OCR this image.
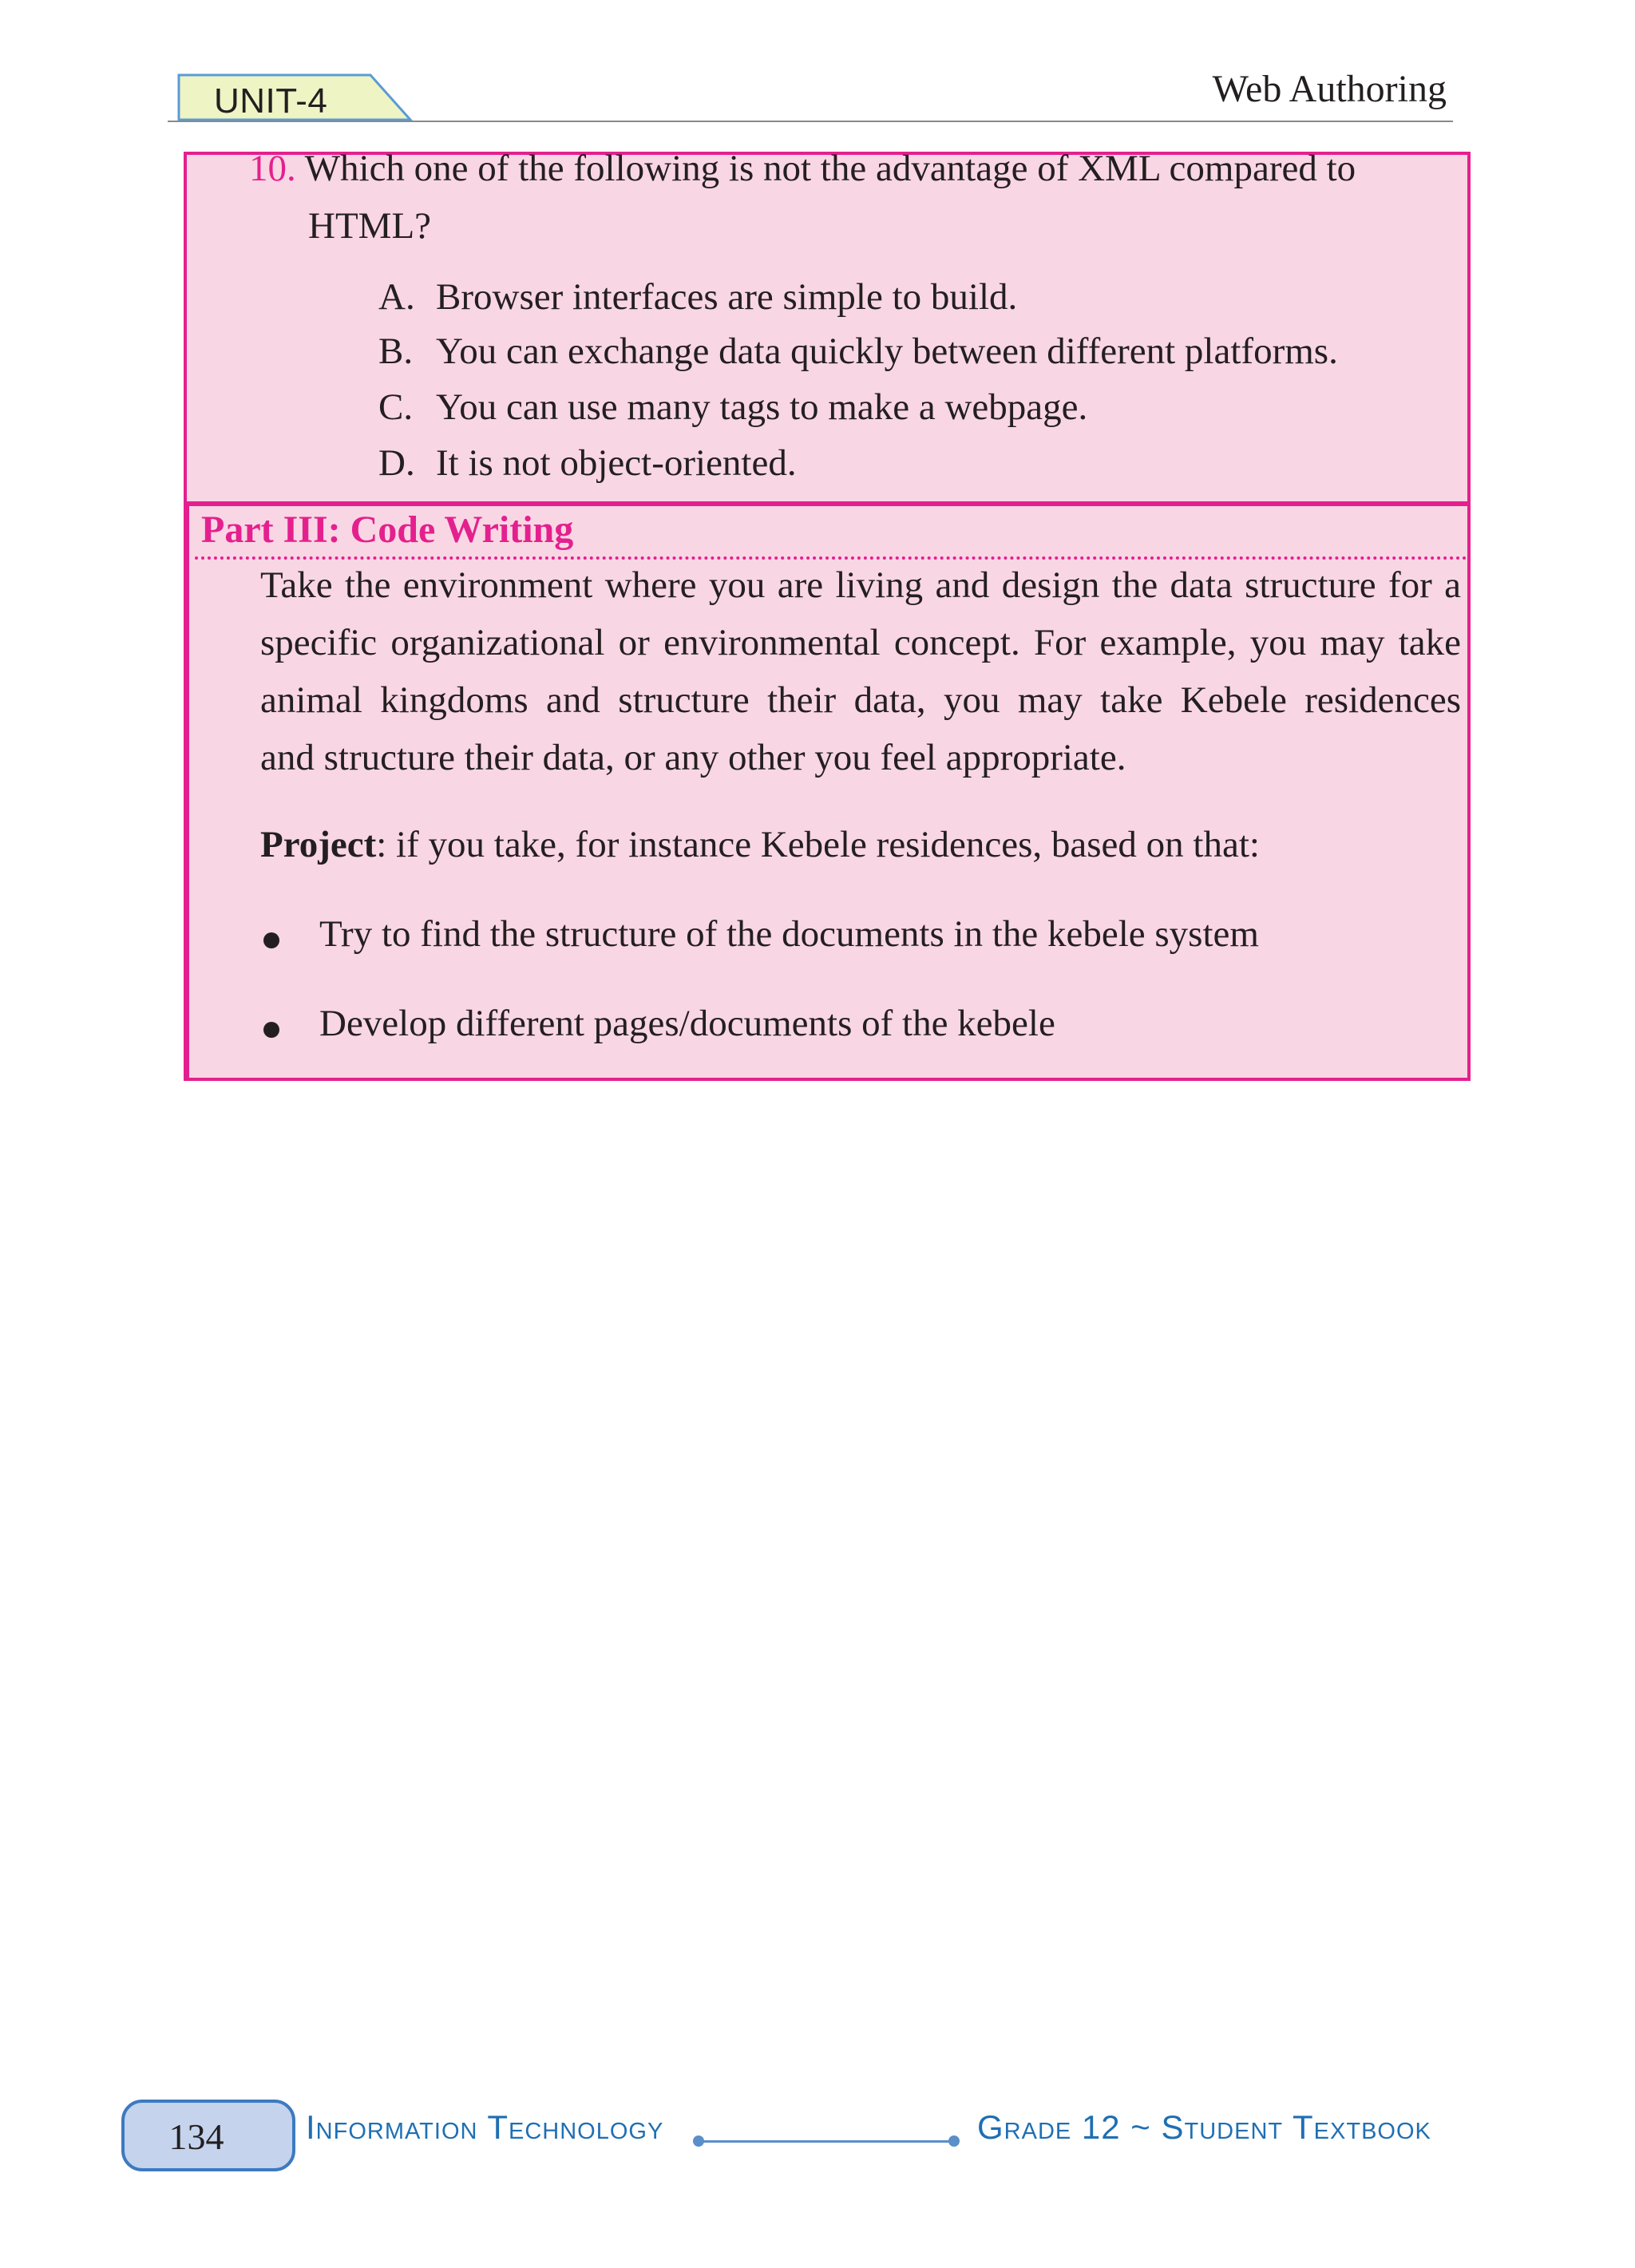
UNIT-4	Web Authoring
10. Which one of the following is not the advantage of XML compared to
HTML?
A. Browser interfaces are simple to build.
B. You can exchange data quickly between different platforms.
C. You can use many tags to make a webpage.
D. It is not object-oriented.
Part III: Code Writing
Take the environment where you are living and design the data structure for a
specific organizational or environmental concept. For example, you may take
animal kingdoms and structure their data, you may take Kebele residences
and structure their data, or any other you feel appropriate.
Project: if you take, for instance Kebele residences, based on that:
Try to find the structure of the documents in the kebele system
Develop different pages/documents of the kebele
134	Information Technology	Grade 12 ~ Student Textbook
